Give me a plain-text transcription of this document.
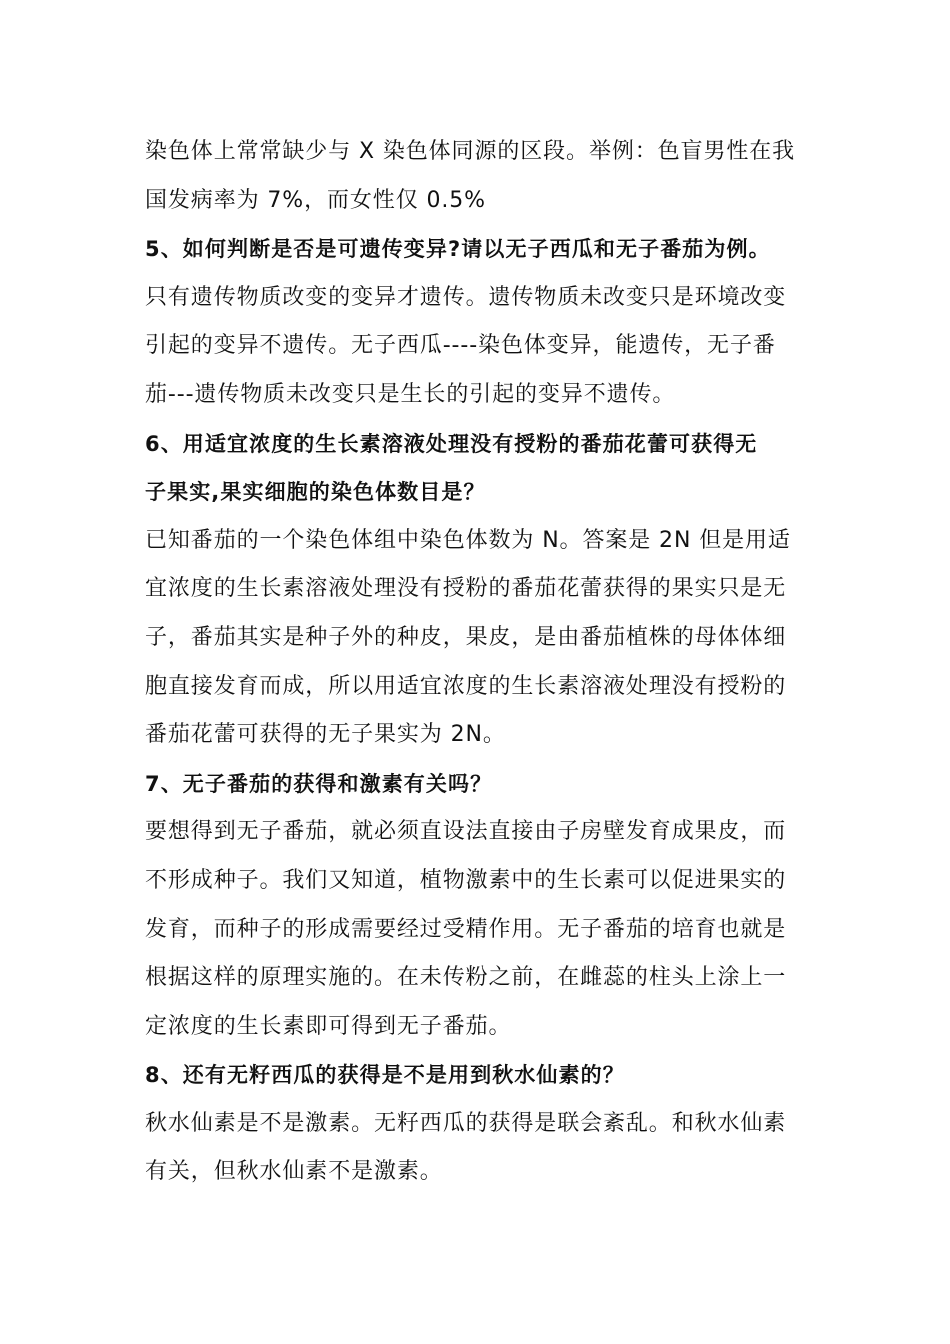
染色体上常常缺少与 X 染色体同源的区段。举例：色盲男性在我
国发病率为 7%，而女性仅 0.5%
5、如何判断是否是可遗传变异?请以无子西瓜和无子番茄为例。
只有遗传物质改变的变异才遗传。遗传物质未改变只是环境改变
引起的变异不遗传。无子西瓜----染色体变异，能遗传，无子番
茄---遗传物质未改变只是生长的引起的变异不遗传。
6、用适宜浓度的生长素溶液处理没有授粉的番茄花蕾可获得无
子果实,果实细胞的染色体数目是？
已知番茄的一个染色体组中染色体数为 N。答案是 2N 但是用适
宜浓度的生长素溶液处理没有授粉的番茄花蕾获得的果实只是无
子，番茄其实是种子外的种皮，果皮，是由番茄植株的母体体细
胞直接发育而成，所以用适宜浓度的生长素溶液处理没有授粉的
番茄花蕾可获得的无子果实为 2N。
7、无子番茄的获得和激素有关吗？
要想得到无子番茄，就必须直设法直接由子房壁发育成果皮，而
不形成种子。我们又知道，植物激素中的生长素可以促进果实的
发育，而种子的形成需要经过受精作用。无子番茄的培育也就是
根据这样的原理实施的。在未传粉之前，在雌蕊的柱头上涂上一
定浓度的生长素即可得到无子番茄。
8、还有无籽西瓜的获得是不是用到秋水仙素的？
秋水仙素是不是激素。无籽西瓜的获得是联会紊乱。和秋水仙素
有关，但秋水仙素不是激素。
